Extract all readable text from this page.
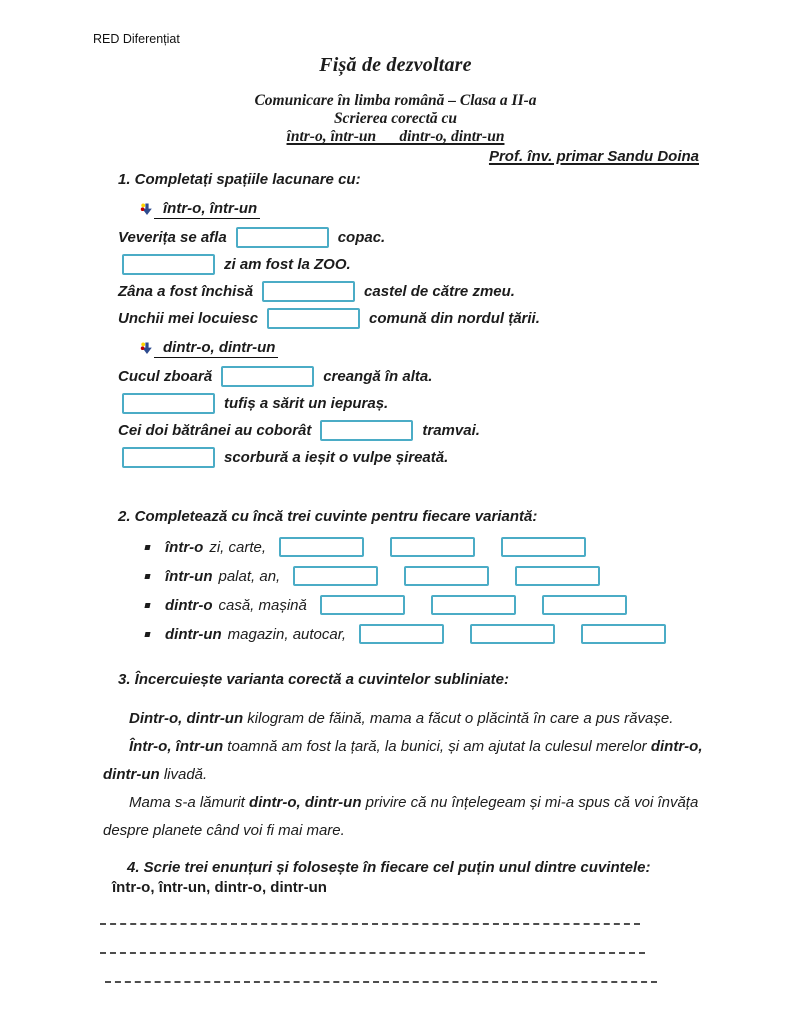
RED Diferențiat
Fișă de dezvoltare
Comunicare în limba română – Clasa a II-a
Scrierea corectă cu
într-o, într-un      dintr-o, dintr-un
Prof. înv. primar Sandu Doina
1. Completați spațiile lacunare cu:
într-o, într-un
Veverița se afla	copac.
zi am fost la ZOO.
Zâna a fost închisă	castel de către zmeu.
Unchii mei locuiesc	comună din nordul țării.
dintr-o, dintr-un
Cucul zboară	creangă în alta.
tufiș a sărit un iepuraș.
Cei doi bătrânei au coborât	tramvai.
scorbură a ieșit o vulpe șireată.
2. Completează cu încă trei cuvinte pentru fiecare variantă:
într-o zi, carte,
într-un palat, an,
dintr-o casă, mașină
dintr-un magazin, autocar,
3. Încercuiește varianta corectă a cuvintelor subliniate:

Dintr-o, dintr-un kilogram de făină, mama a făcut o plăcintă în care a pus răvașe.

Într-o, într-un toamnă am fost la țară, la bunici, și am ajutat la culesul merelor dintr-o, dintr-un livadă.

Mama s-a lămurit dintr-o, dintr-un privire că nu înțelegeam și mi-a spus că voi învăța despre planete când voi fi mai mare.

4. Scrie trei enunțuri și folosește în fiecare cel puțin unul dintre cuvintele:
într-o, într-un, dintr-o, dintr-un
